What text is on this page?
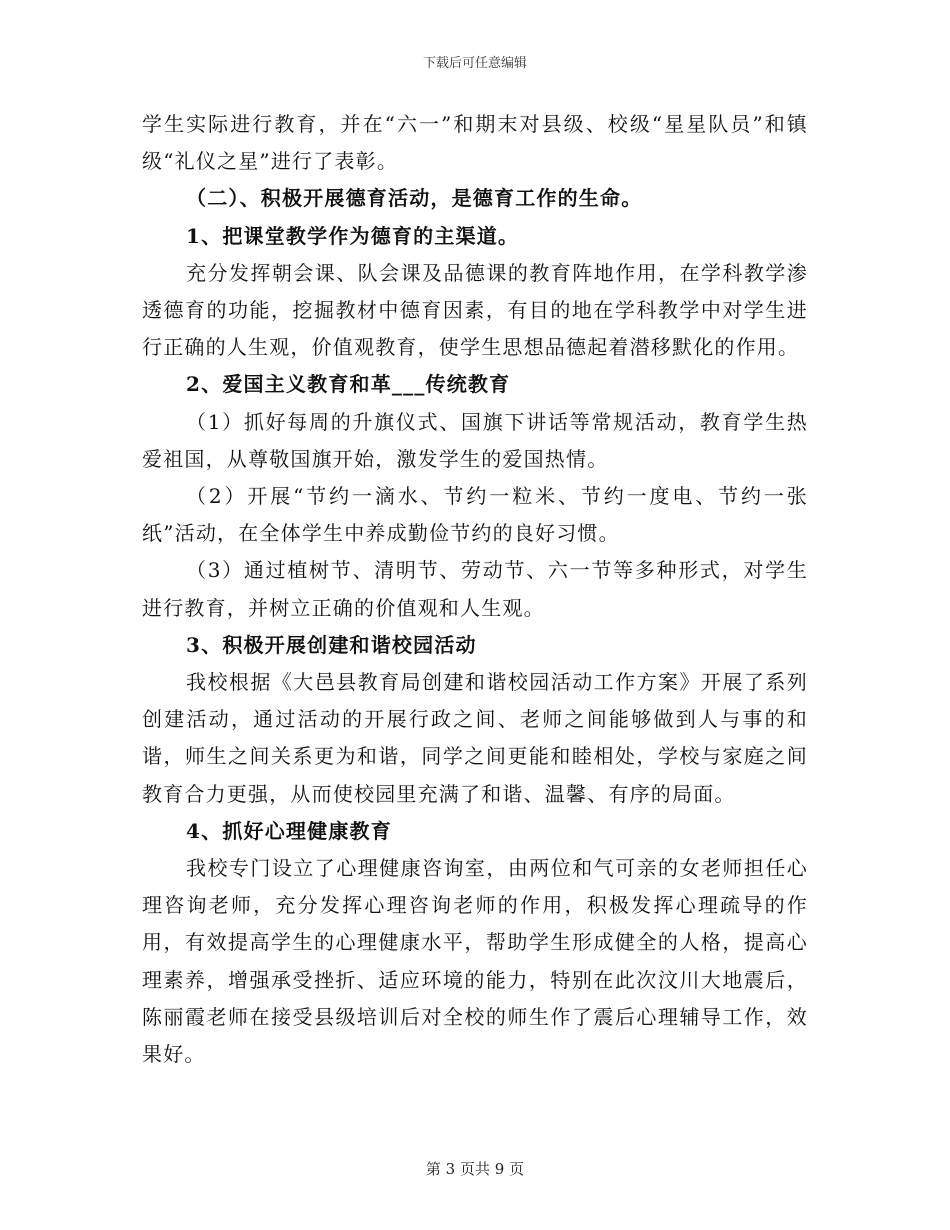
下载后可任意编辑

学生实际进行教育，并在“六一”和期末对县级、校级“星星队员”和镇级“礼仪之星”进行了表彰。

（二）、积极开展德育活动，是德育工作的生命。

1、把课堂教学作为德育的主渠道。

充分发挥朝会课、队会课及品德课的教育阵地作用，在学科教学渗透德育的功能，挖掘教材中德育因素，有目的地在学科教学中对学生进行正确的人生观，价值观教育，使学生思想品德起着潜移默化的作用。

2、爱国主义教育和革___传统教育

（1）抓好每周的升旗仪式、国旗下讲话等常规活动，教育学生热爱祖国，从尊敬国旗开始，激发学生的爱国热情。

（2）开展“节约一滴水、节约一粒米、节约一度电、节约一张纸”活动，在全体学生中养成勤俭节约的良好习惯。

（3）通过植树节、清明节、劳动节、六一节等多种形式，对学生进行教育，并树立正确的价值观和人生观。

3、积极开展创建和谐校园活动

我校根据《大邑县教育局创建和谐校园活动工作方案》开展了系列创建活动，通过活动的开展行政之间、老师之间能够做到人与事的和谐，师生之间关系更为和谐，同学之间更能和睦相处，学校与家庭之间教育合力更强，从而使校园里充满了和谐、温馨、有序的局面。

4、抓好心理健康教育

我校专门设立了心理健康咨询室，由两位和气可亲的女老师担任心理咨询老师，充分发挥心理咨询老师的作用，积极发挥心理疏导的作用，有效提高学生的心理健康水平，帮助学生形成健全的人格，提高心理素养，增强承受挫折、适应环境的能力，特别在此次汶川大地震后，陈丽霞老师在接受县级培训后对全校的师生作了震后心理辅导工作，效果好。

第 3 页共 9 页
